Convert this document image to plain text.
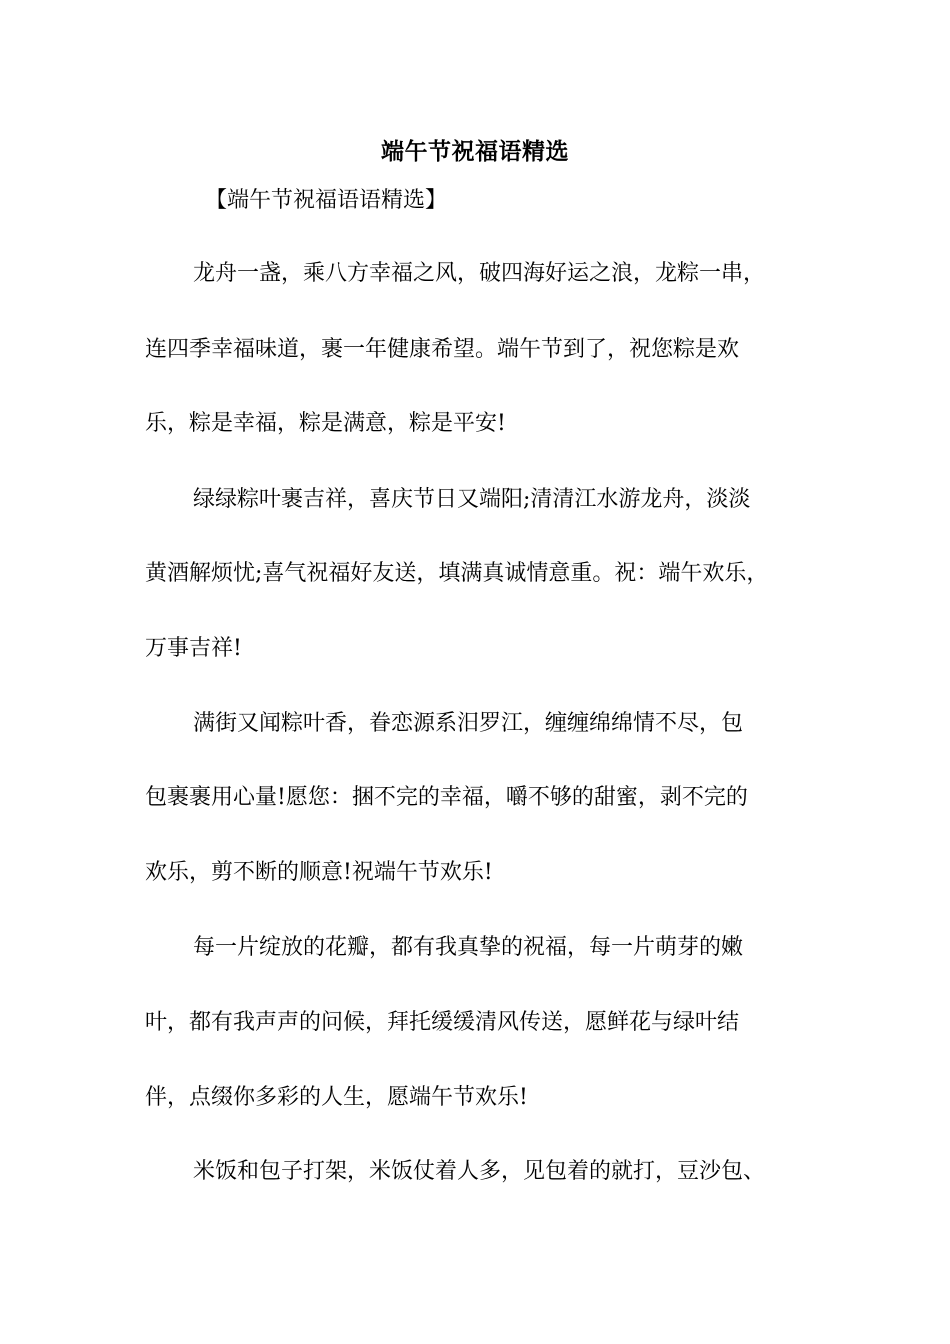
端午节祝福语精选
【端午节祝福语语精选】
龙舟一盏，乘八方幸福之风，破四海好运之浪，龙粽一串，
连四季幸福味道，裹一年健康希望。端午节到了，祝您粽是欢
乐，粽是幸福，粽是满意，粽是平安!
绿绿粽叶裹吉祥，喜庆节日又端阳;清清江水游龙舟，淡淡
黄酒解烦忧;喜气祝福好友送，填满真诚情意重。祝：端午欢乐，
万事吉祥!
满街又闻粽叶香，眷恋源系汨罗江，缠缠绵绵情不尽，包
包裹裹用心量!愿您：捆不完的幸福，嚼不够的甜蜜，剥不完的
欢乐，剪不断的顺意!祝端午节欢乐!
每一片绽放的花瓣，都有我真挚的祝福，每一片萌芽的嫩
叶，都有我声声的问候，拜托缓缓清风传送，愿鲜花与绿叶结
伴，点缀你多彩的人生，愿端午节欢乐!
米饭和包子打架，米饭仗着人多，见包着的就打，豆沙包、
